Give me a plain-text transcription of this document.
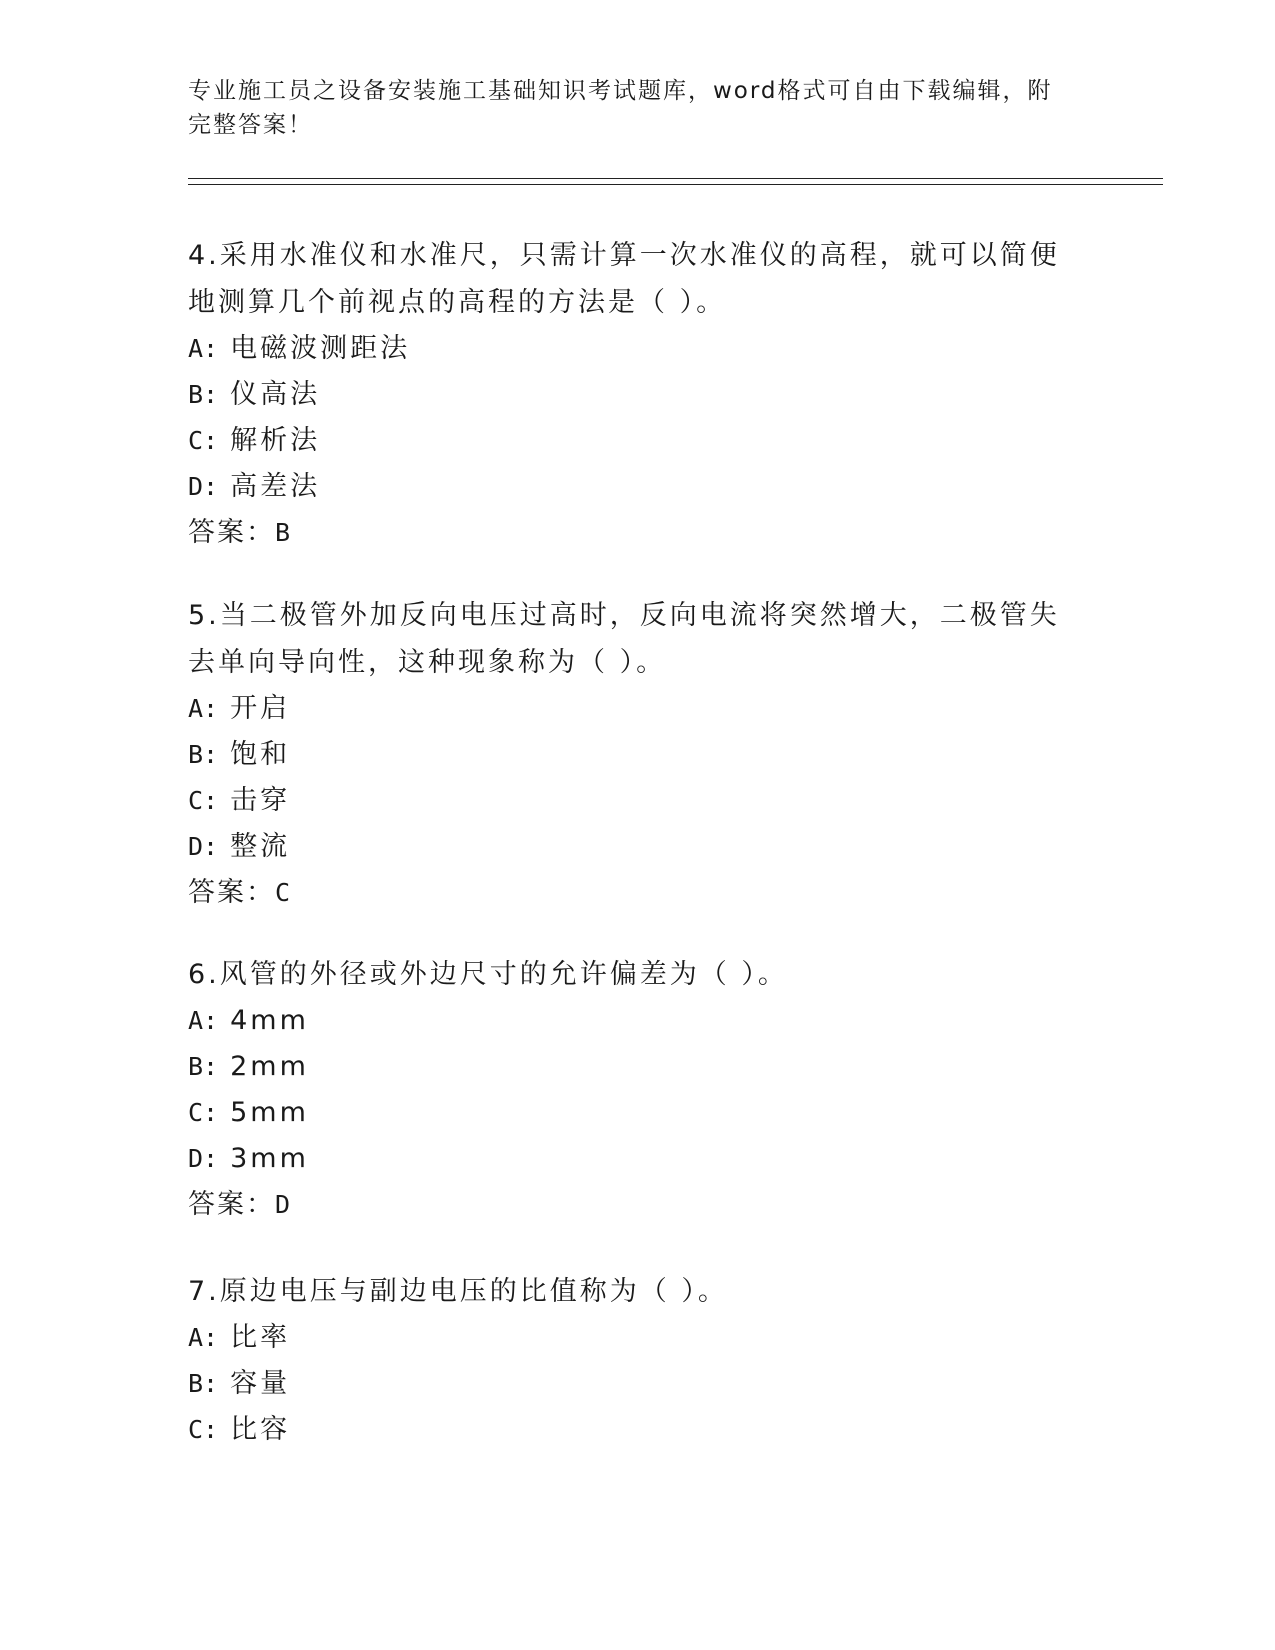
专业施工员之设备安装施工基础知识考试题库，word格式可自由下载编辑，附完整答案！
4.采用水准仪和水准尺，只需计算一次水准仪的高程，就可以简便地测算几个前视点的高程的方法是（ ）。
A: 电磁波测距法
B: 仪高法
C: 解析法
D: 高差法
答案：B
5.当二极管外加反向电压过高时，反向电流将突然增大，二极管失去单向导向性，这种现象称为（ ）。
A: 开启
B: 饱和
C: 击穿
D: 整流
答案：C
6.风管的外径或外边尺寸的允许偏差为（ ）。
A: 4mm
B: 2mm
C: 5mm
D: 3mm
答案：D
7.原边电压与副边电压的比值称为（ ）。
A: 比率
B: 容量
C: 比容
